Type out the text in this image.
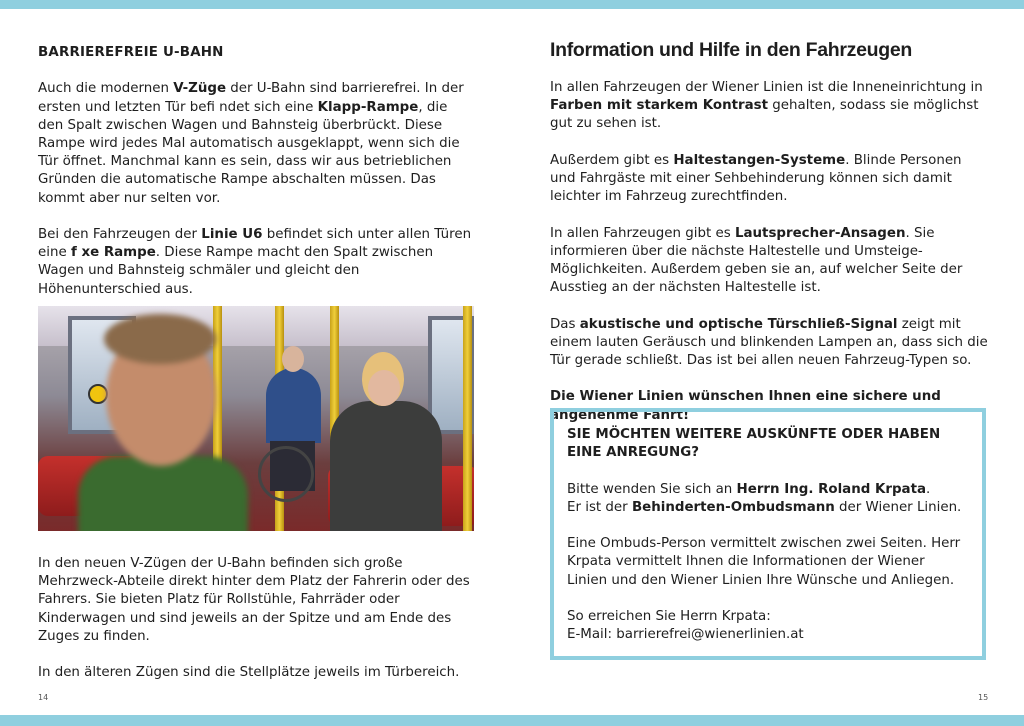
BARRIEREFREIE U-BAHN

Auch die modernen V-Züge der U-Bahn sind barrierefrei. In der ersten und letzten Tür befi ndet sich eine Klapp-Rampe, die den Spalt zwischen Wagen und Bahnsteig überbrückt. Diese Rampe wird jedes Mal automatisch ausgeklappt, wenn sich die Tür öffnet. Manchmal kann es sein, dass wir aus betrieblichen Gründen die automatische Rampe abschalten müssen. Das kommt aber nur selten vor.

Bei den Fahrzeugen der Linie U6 befindet sich unter allen Türen eine f xe Rampe. Diese Rampe macht den Spalt zwischen Wagen und Bahnsteig schmäler und gleicht den Höhenunterschied aus.

In den neuen V-Zügen der U-Bahn befinden sich große Mehrzweck-Abteile direkt hinter dem Platz der Fahrerin oder des Fahrers. Sie bieten Platz für Rollstühle, Fahrräder oder Kinderwagen und sind jeweils an der Spitze und am Ende des Zuges zu finden.

In den älteren Zügen sind die Stellplätze jeweils im Türbereich.

14
Information und Hilfe in den Fahrzeugen

In allen Fahrzeugen der Wiener Linien ist die Inneneinrichtung in Farben mit starkem Kontrast gehalten, sodass sie möglichst gut zu sehen ist.

Außerdem gibt es Haltestangen-Systeme. Blinde Personen und Fahrgäste mit einer Sehbehinderung können sich damit leichter im Fahrzeug zurechtfinden.

In allen Fahrzeugen gibt es Lautsprecher-Ansagen. Sie informieren über die nächste Haltestelle und Umsteige-Möglichkeiten. Außerdem geben sie an, auf welcher Seite der Ausstieg an der nächsten Haltestelle ist.

Das akustische und optische Türschließ-Signal zeigt mit einem lauten Geräusch und blinkenden Lampen an, dass sich die Tür gerade schließt. Das ist bei allen neuen Fahrzeug-Typen so.

Die Wiener Linien wünschen Ihnen eine sichere und angenehme Fahrt!

SIE MÖCHTEN WEITERE AUSKÜNFTE ODER HABEN
EINE ANREGUNG?

Bitte wenden Sie sich an Herrn Ing. Roland Krpata.

Er ist der Behinderten-Ombudsmann der Wiener Linien.

Eine Ombuds-Person vermittelt zwischen zwei Seiten. Herr Krpata vermittelt Ihnen die Informationen der Wiener Linien und den Wiener Linien Ihre Wünsche und Anliegen.

So erreichen Sie Herrn Krpata:

E-Mail: barrierefrei@wienerlinien.at

15
